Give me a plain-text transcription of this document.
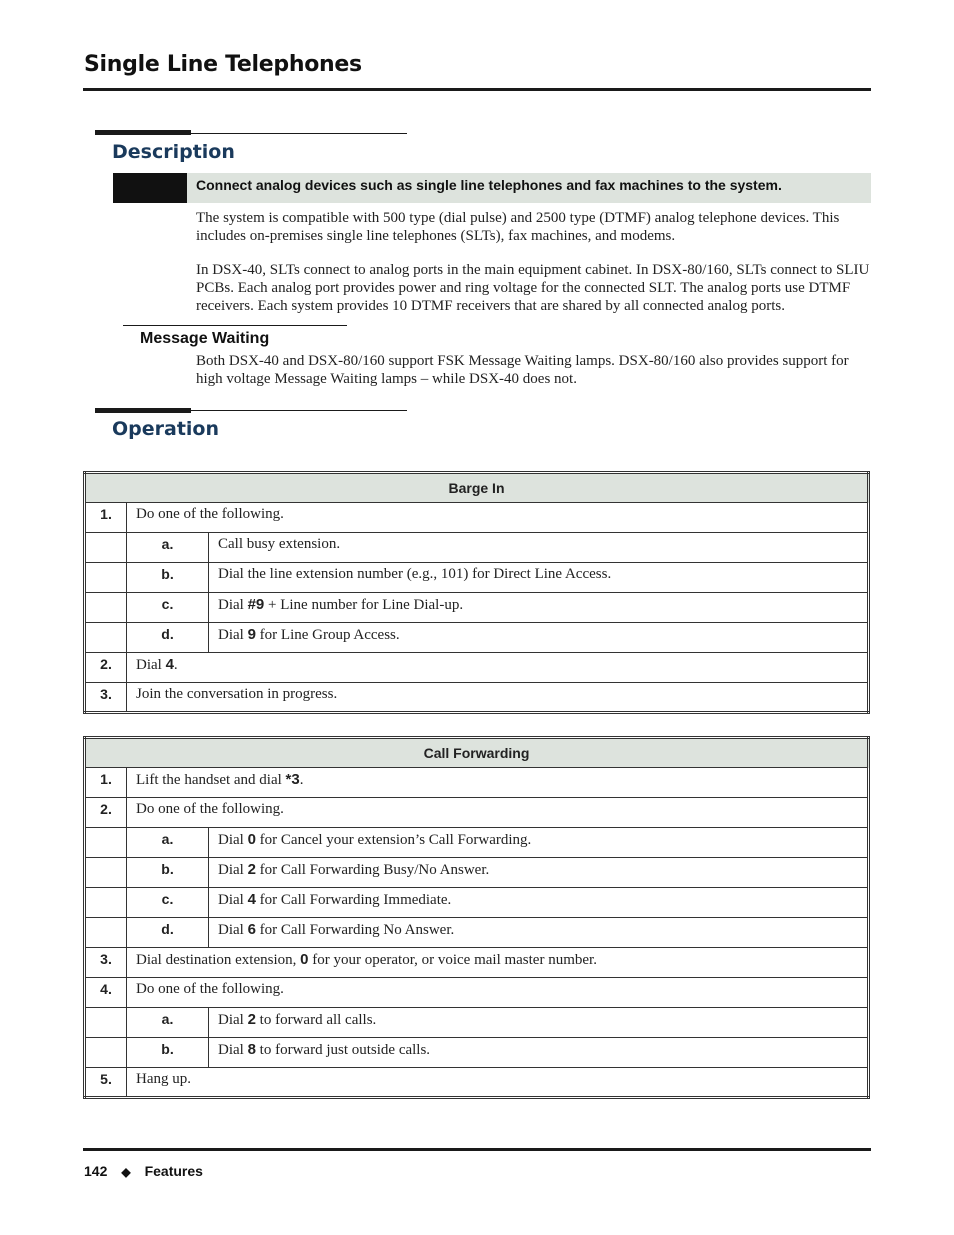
Single Line Telephones
Description
Connect analog devices such as single line telephones and fax machines to the system.
The system is compatible with 500 type (dial pulse) and 2500 type (DTMF) analog telephone devices. This includes on-premises single line telephones (SLTs), fax machines, and modems.
In DSX-40, SLTs connect to analog ports in the main equipment cabinet. In DSX-80/160, SLTs connect to SLIU PCBs. Each analog port provides power and ring voltage for the connected SLT. The analog ports use DTMF receivers. Each system provides 10 DTMF receivers that are shared by all connected analog ports.
Message Waiting
Both DSX-40 and DSX-80/160 support FSK Message Waiting lamps. DSX-80/160 also provides support for high voltage Message Waiting lamps – while DSX-40 does not.
Operation
Barge In		
1.	Do one of the following.	
	a.	Call busy extension.
	b.	Dial the line extension number (e.g., 101) for Direct Line Access.
	c.	Dial #9 + Line number for Line Dial-up.
	d.	Dial 9 for Line Group Access.
2.	Dial 4.	
3.	Join the conversation in progress.	
Call Forwarding		
1.	Lift the handset and dial *3.	
2.	Do one of the following.	
	a.	Dial 0 for Cancel your extension’s Call Forwarding.
	b.	Dial 2 for Call Forwarding Busy/No Answer.
	c.	Dial 4 for Call Forwarding Immediate.
	d.	Dial 6 for Call Forwarding No Answer.
3.	Dial destination extension, 0 for your operator, or voice mail master number.	
4.	Do one of the following.	
	a.	Dial 2 to forward all calls.
	b.	Dial 8 to forward just outside calls.
5.	Hang up.	
142 ◆ Features
